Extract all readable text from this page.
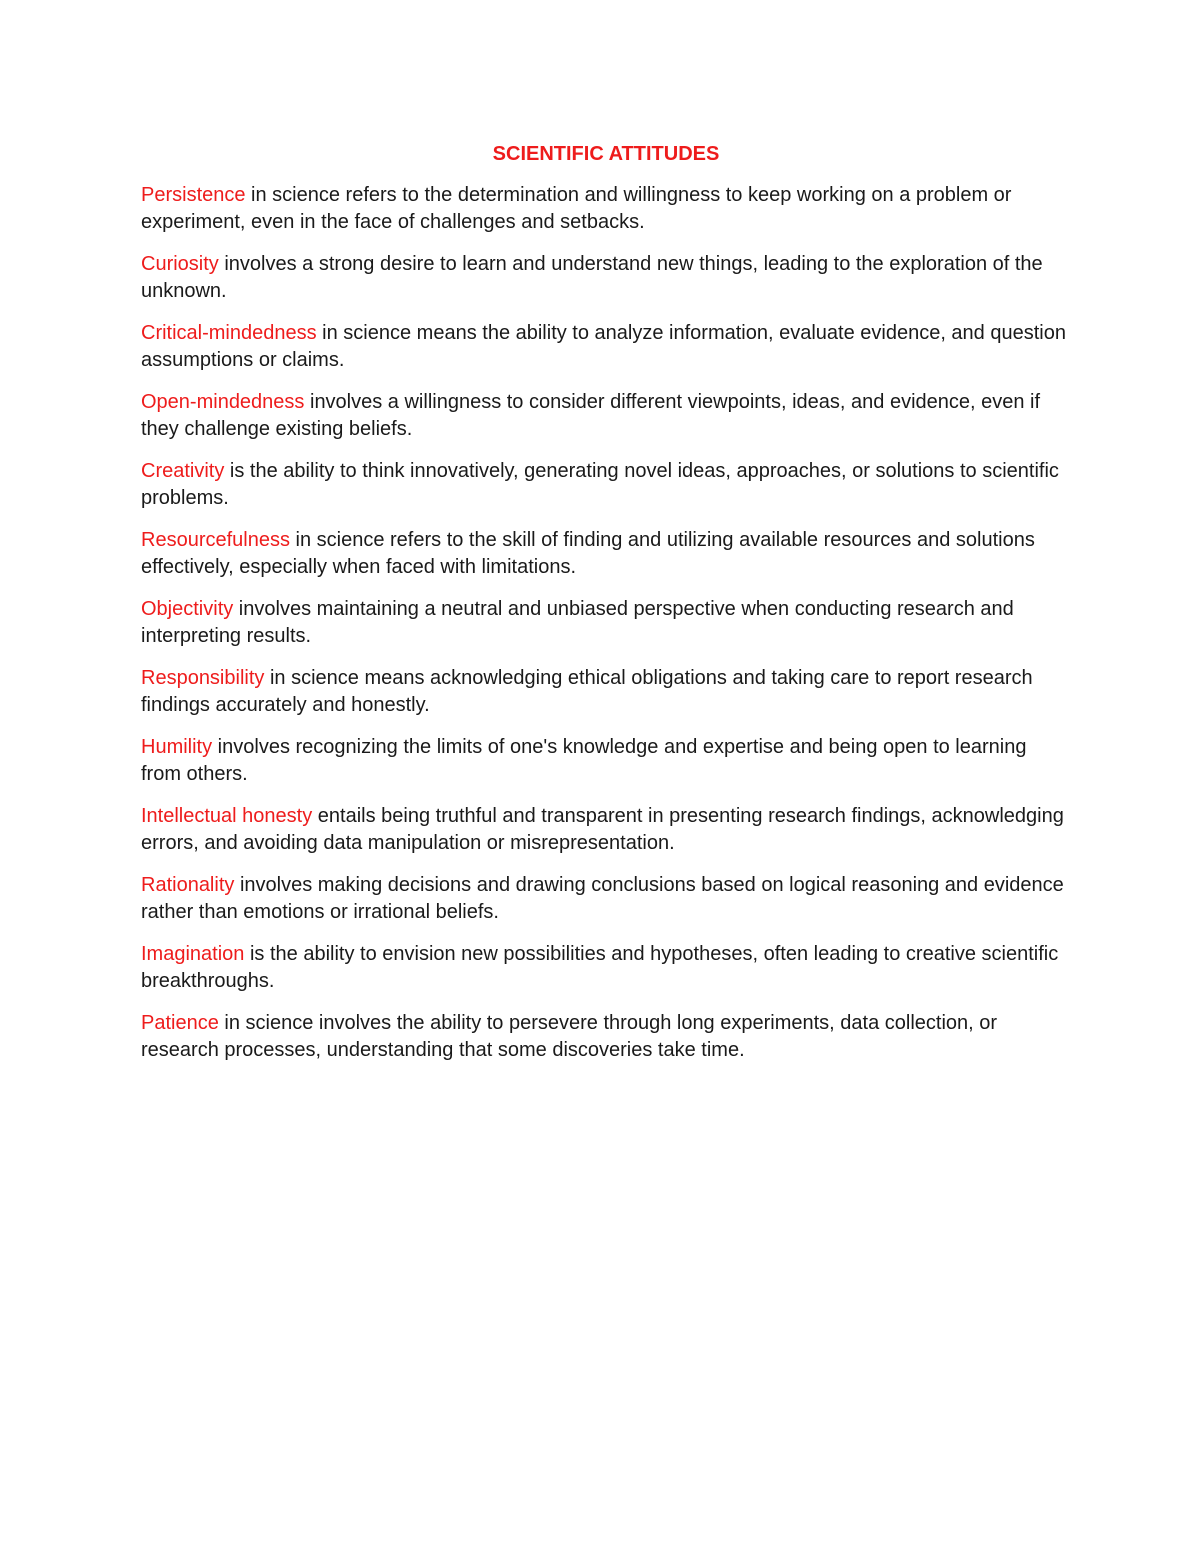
SCIENTIFIC ATTITUDES

Persistence in science refers to the determination and willingness to keep working on a problem or experiment, even in the face of challenges and setbacks.

Curiosity involves a strong desire to learn and understand new things, leading to the exploration of the unknown.

Critical-mindedness in science means the ability to analyze information, evaluate evidence, and question assumptions or claims.

Open-mindedness involves a willingness to consider different viewpoints, ideas, and evidence, even if they challenge existing beliefs.

Creativity is the ability to think innovatively, generating novel ideas, approaches, or solutions to scientific problems.

Resourcefulness in science refers to the skill of finding and utilizing available resources and solutions effectively, especially when faced with limitations.

Objectivity involves maintaining a neutral and unbiased perspective when conducting research and interpreting results.

Responsibility in science means acknowledging ethical obligations and taking care to report research findings accurately and honestly.

Humility involves recognizing the limits of one's knowledge and expertise and being open to learning from others.

Intellectual honesty entails being truthful and transparent in presenting research findings, acknowledging errors, and avoiding data manipulation or misrepresentation.

Rationality involves making decisions and drawing conclusions based on logical reasoning and evidence rather than emotions or irrational beliefs.

Imagination is the ability to envision new possibilities and hypotheses, often leading to creative scientific breakthroughs.

Patience in science involves the ability to persevere through long experiments, data collection, or research processes, understanding that some discoveries take time.
